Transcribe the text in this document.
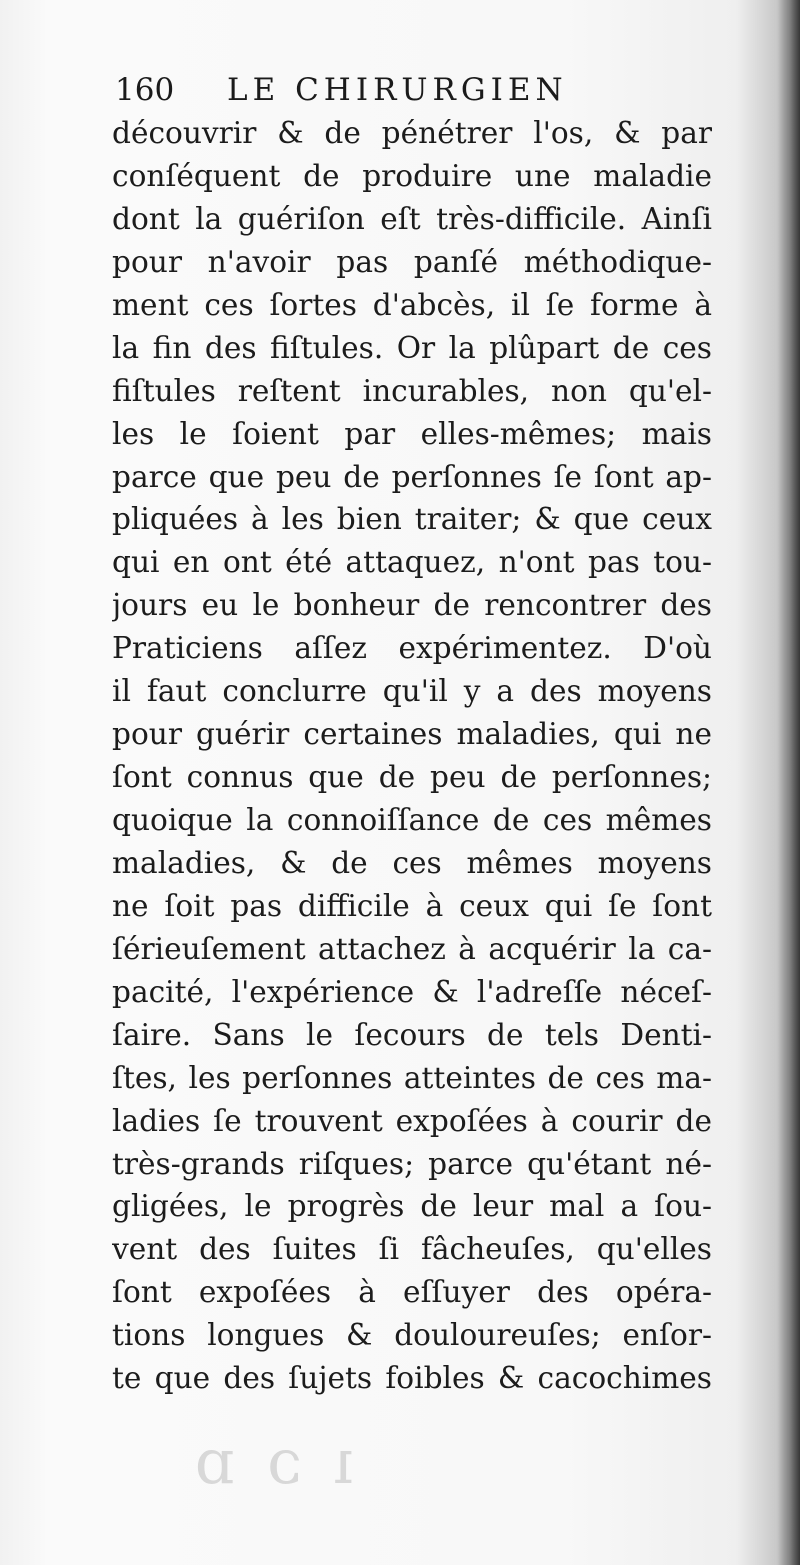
ı ɔ ɒ
160 LE CHIRURGIEN
découvrir & de pénétrer l'os, & par
conſéquent de produire une maladie
dont la guériſon eſt très-difficile. Ainſi
pour n'avoir pas panſé méthodique-
ment ces ſortes d'abcès, il ſe forme à
la fin des fiſtules. Or la plûpart de ces
fiſtules reſtent incurables, non qu'el-
les le ſoient par elles-mêmes; mais
parce que peu de perſonnes ſe ſont ap-
pliquées à les bien traiter; & que ceux
qui en ont été attaquez, n'ont pas tou-
jours eu le bonheur de rencontrer des
Praticiens aſſez expérimentez. D'où
il faut conclurre qu'il y a des moyens
pour guérir certaines maladies, qui ne
ſont connus que de peu de perſonnes;
quoique la connoiſſance de ces mêmes
maladies, & de ces mêmes moyens
ne ſoit pas difficile à ceux qui ſe ſont
ſérieuſement attachez à acquérir la ca-
pacité, l'expérience & l'adreſſe néceſ-
ſaire. Sans le ſecours de tels Denti-
ſtes, les perſonnes atteintes de ces ma-
ladies ſe trouvent expoſées à courir de
très-grands riſques; parce qu'étant né-
gligées, le progrès de leur mal a ſou-
vent des ſuites ſi fâcheuſes, qu'elles
ſont expoſées à eſſuyer des opéra-
tions longues & douloureuſes; enſor-
te que des ſujets foibles & cacochimes
